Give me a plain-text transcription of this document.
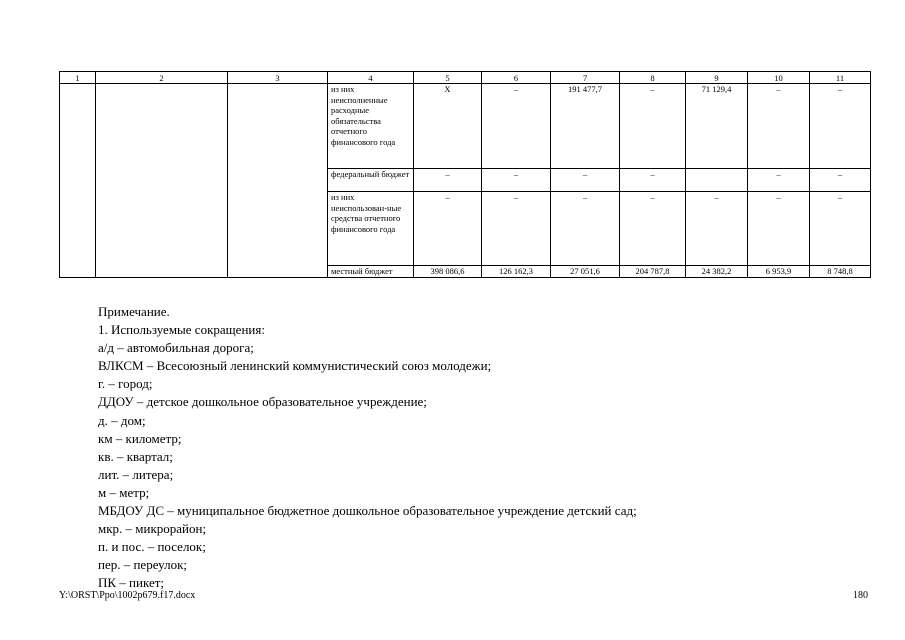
1	2	3	4	5	6	7	8	9	10	11
			из них неисполненные расходные обязательства отчетного финансового года	X	–	191 477,7	–	71 129,4	–	–
			федеральный бюджет	–	–	–	–		–	–
			из них неиспользован-ные средства отчетного финансового года	–	–	–	–	–	–	–
			местный бюджет	398 086,6	126 162,3	27 051,6	204 787,8	24 382,2	6 953,9	8 748,8
Примечание.
1. Используемые сокращения:
а/д – автомобильная дорога;
ВЛКСМ – Всесоюзный ленинский коммунистический союз молодежи;
г. – город;
ДДОУ – детское дошкольное образовательное учреждение;
д. – дом;
км – километр;
кв. – квартал;
лит. – литера;
м – метр;
МБДОУ ДС – муниципальное бюджетное дошкольное образовательное учреждение детский сад;
мкр. – микрорайон;
п. и пос. – поселок;
пер. – переулок;
ПК – пикет;
Y:\ORST\Ppo\1002p679.f17.docx	180
